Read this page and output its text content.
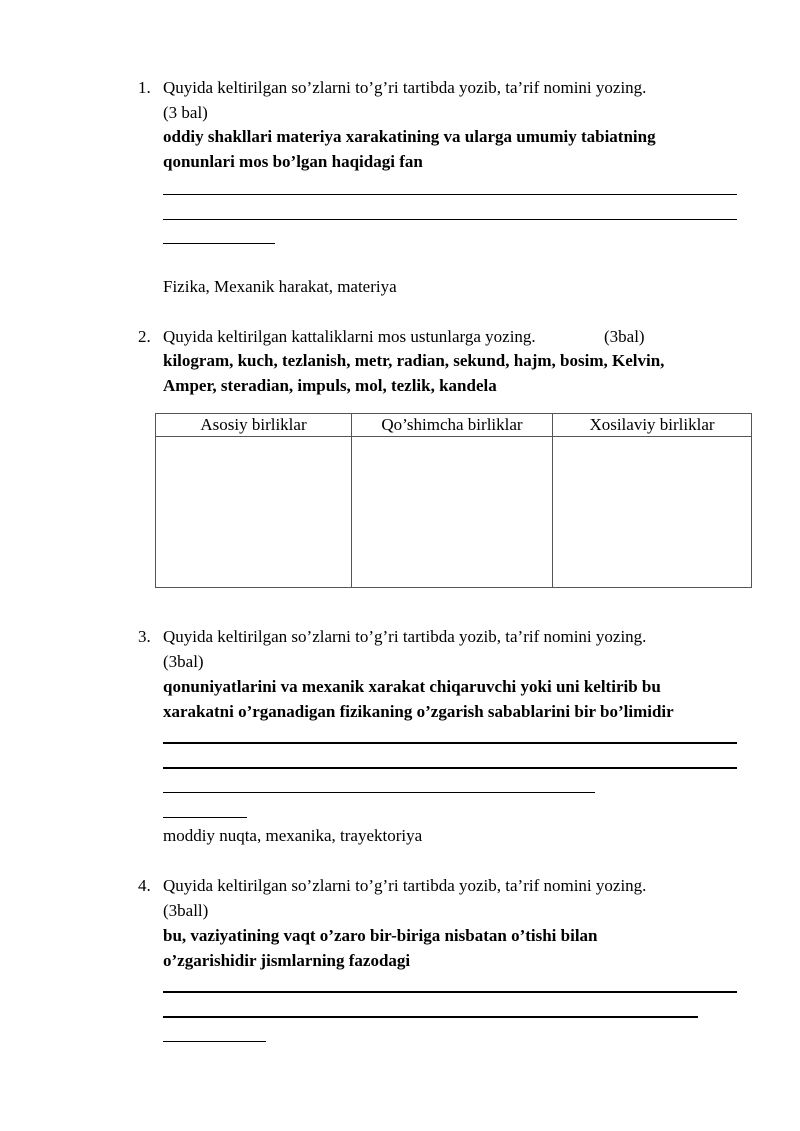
1. Quyida keltirilgan so’zlarni to’g’ri tartibda yozib, ta’rif nomini yozing.
(3 bal)
oddiy shakllari materiya xarakatining va ularga umumiy tabiatning
qonunlari mos bo’lgan haqidagi fan
Fizika, Mexanik harakat, materiya
2. Quyida keltirilgan kattaliklarni mos ustunlarga yozing.	(3bal)
kilogram, kuch, tezlanish, metr, radian, sekund, hajm, bosim, Kelvin,
Amper, steradian, impuls, mol, tezlik, kandela
Asosiy birliklar	Qo’shimcha birliklar	Xosilaviy birliklar

3. Quyida keltirilgan so’zlarni to’g’ri tartibda yozib, ta’rif nomini yozing.
(3bal)
qonuniyatlarini va mexanik xarakat chiqaruvchi yoki uni keltirib bu
xarakatni o’rganadigan fizikaning o’zgarish sabablarini bir bo’limidir
moddiy nuqta, mexanika, trayektoriya
4. Quyida keltirilgan so’zlarni to’g’ri tartibda yozib, ta’rif nomini yozing.
(3ball)
bu, vaziyatining vaqt o’zaro bir-biriga nisbatan o’tishi bilan
o’zgarishidir jismlarning fazodagi
